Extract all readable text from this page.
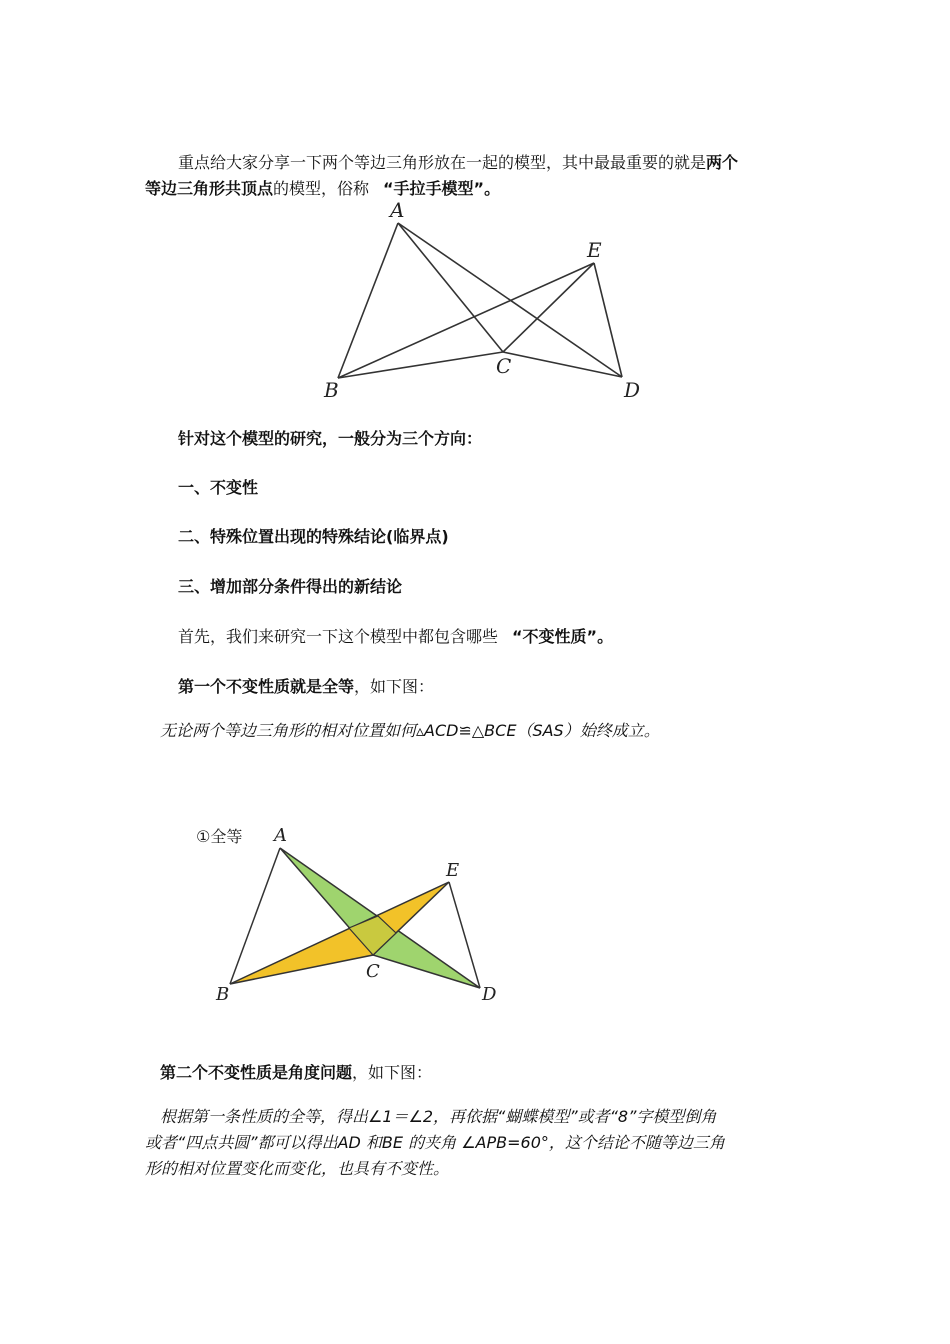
重点给大家分享一下两个等边三角形放在一起的模型，其中最最重要的就是两个
等边三角形共顶点的模型，俗称 “手拉手模型”。
A
B
C
D
E
针对这个模型的研究，一般分为三个方向：
一、不变性
二、特殊位置出现的特殊结论(临界点)
三、增加部分条件得出的新结论
首先，我们来研究一下这个模型中都包含哪些 “不变性质”。
第一个不变性质就是全等，如下图：
无论两个等边三角形的相对位置如何▵ACD≌△BCE（SAS）始终成立。
①全等 A
B
C
D
E
第二个不变性质是角度问题，如下图：
根据第一条性质的全等，得出∠1＝∠2，再依据“蝴蝶模型”或者“8”字模型倒角
或者“四点共圆”都可以得出AD 和BE 的夹角 ∠APB=60°，这个结论不随等边三角
形的相对位置变化而变化，也具有不变性。
